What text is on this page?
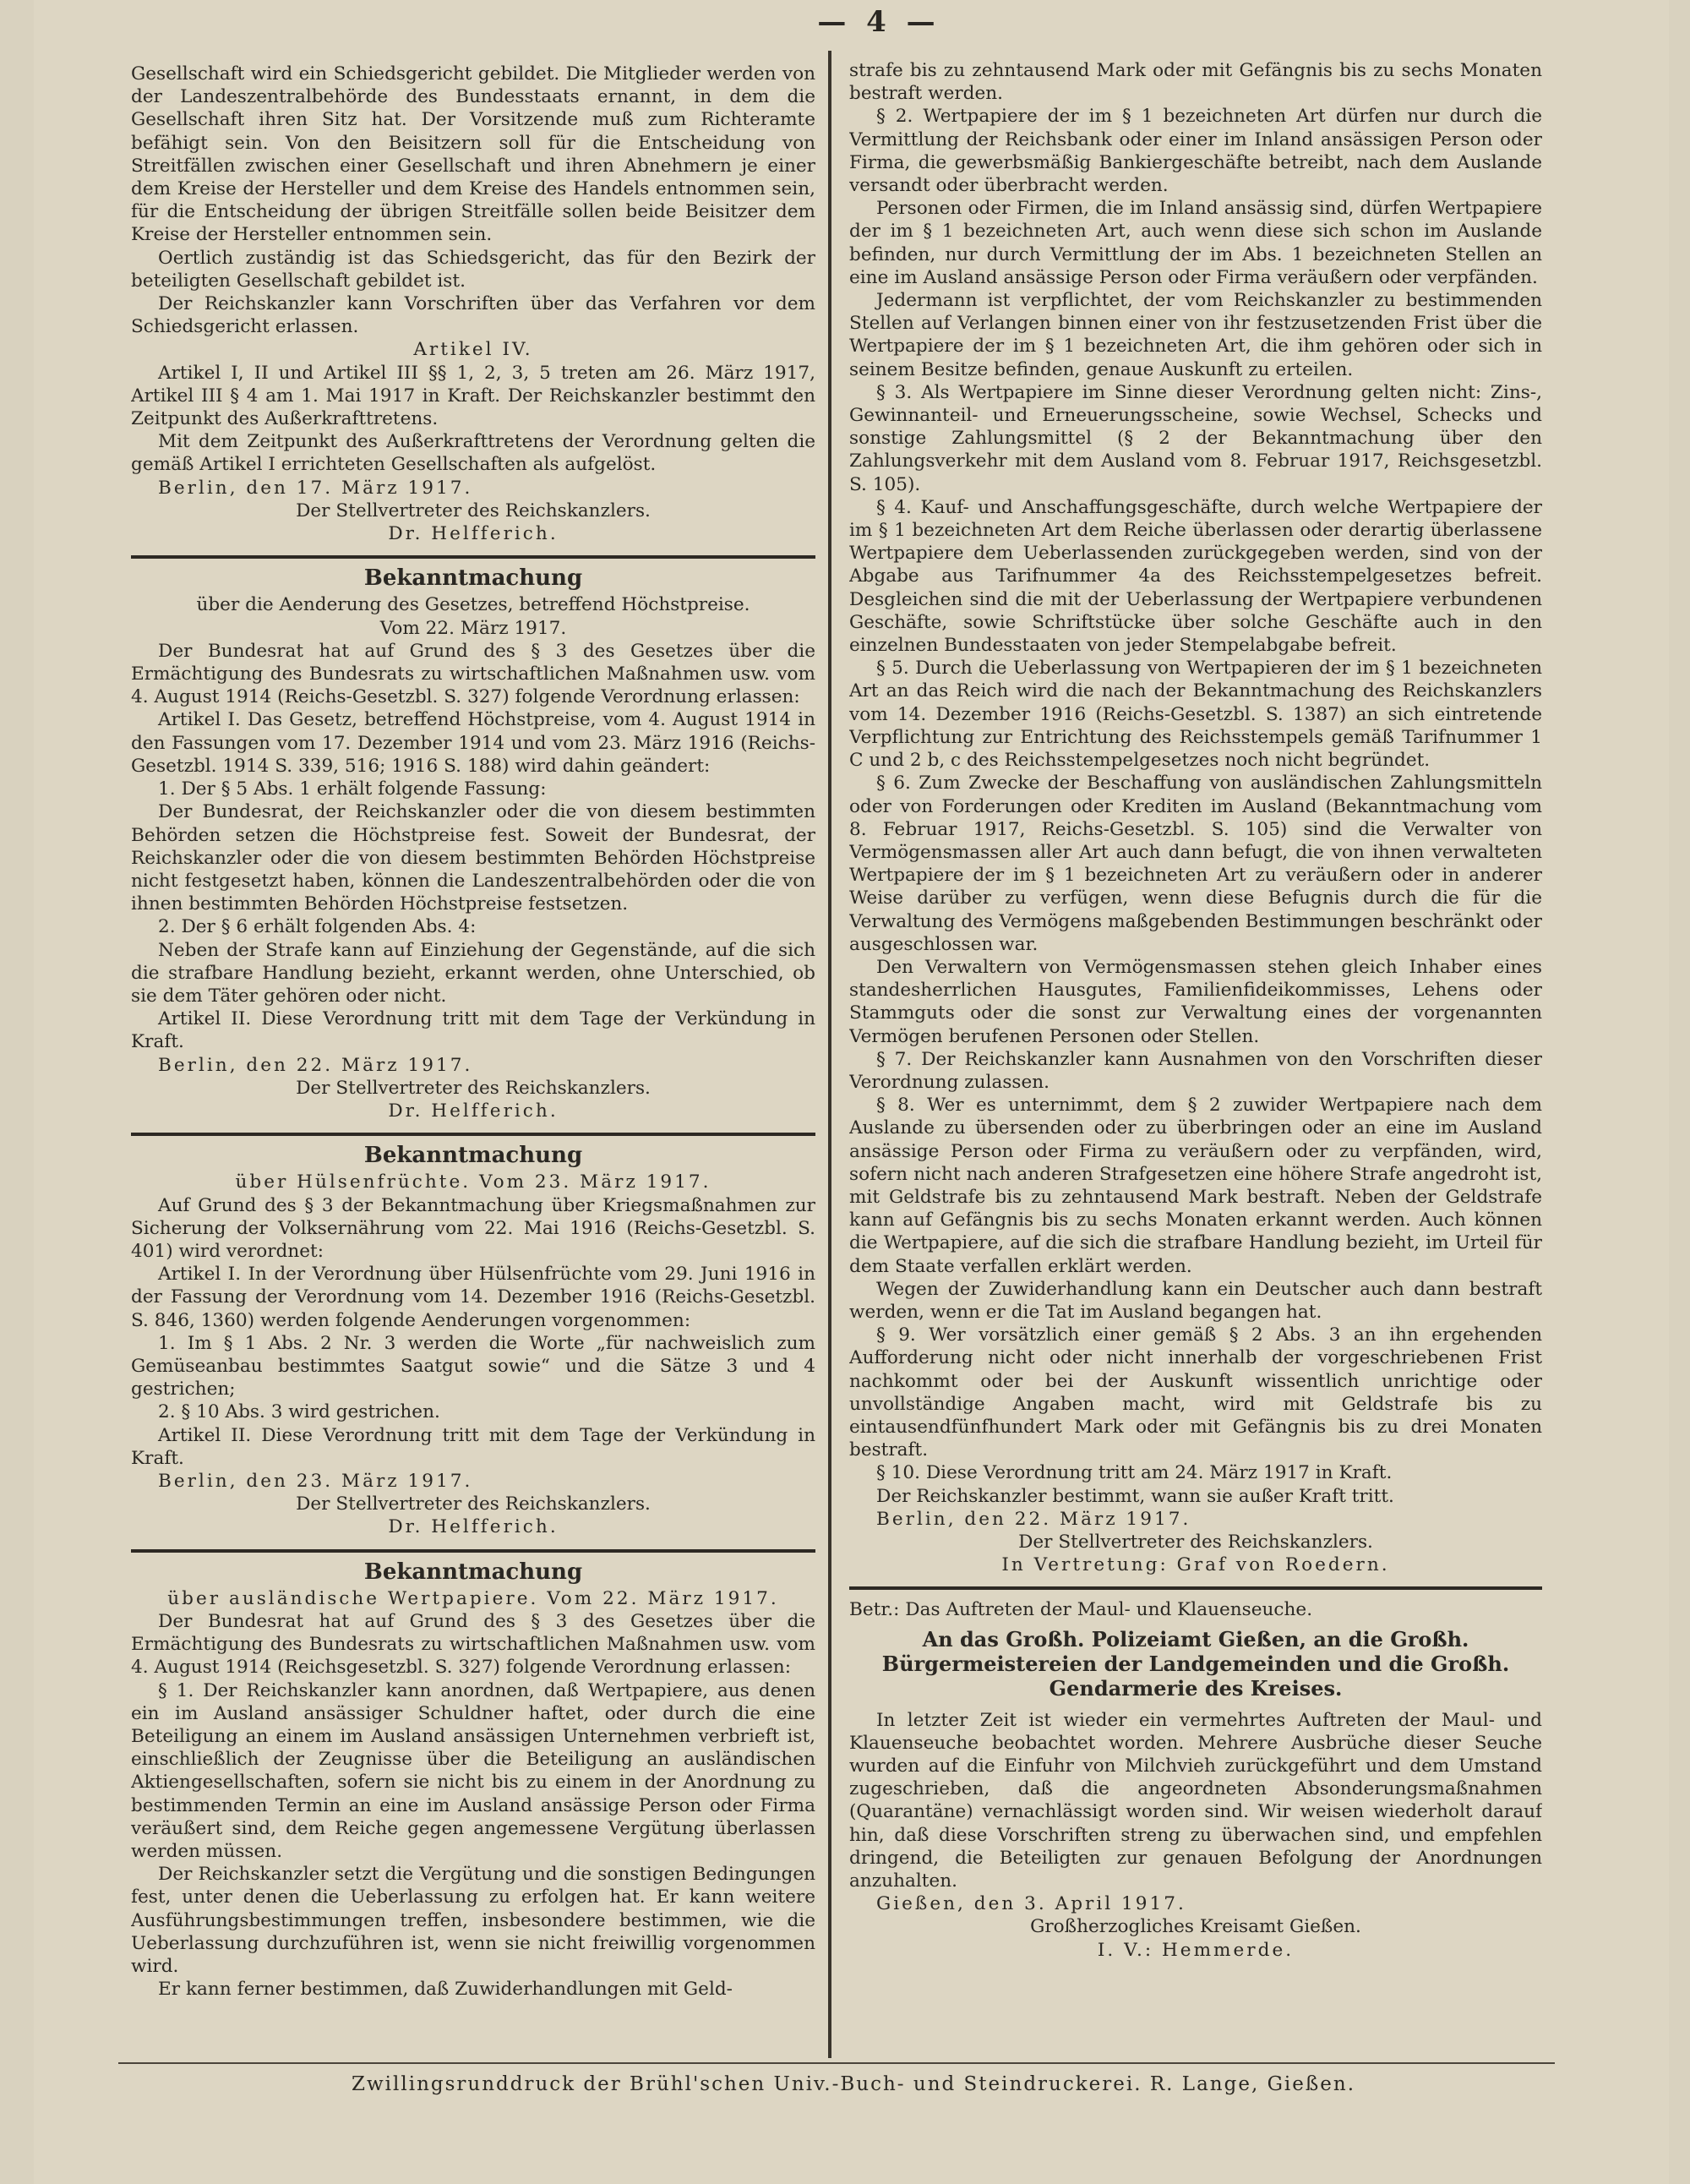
— 4 —

Gesellschaft wird ein Schiedsgericht gebildet. Die Mitglieder werden von der Landeszentralbehörde des Bundesstaats ernannt, in dem die Gesellschaft ihren Sitz hat. Der Vorsitzende muß zum Richteramte befähigt sein. Von den Beisitzern soll für die Entscheidung von Streitfällen zwischen einer Gesellschaft und ihren Abnehmern je einer dem Kreise der Hersteller und dem Kreise des Handels entnommen sein, für die Entscheidung der übrigen Streitfälle sollen beide Beisitzer dem Kreise der Hersteller entnommen sein.

Oertlich zuständig ist das Schiedsgericht, das für den Bezirk der beteiligten Gesellschaft gebildet ist.

Der Reichskanzler kann Vorschriften über das Verfahren vor dem Schiedsgericht erlassen.

Artikel IV.

Artikel I, II und Artikel III §§ 1, 2, 3, 5 treten am 26. März 1917, Artikel III § 4 am 1. Mai 1917 in Kraft. Der Reichskanzler bestimmt den Zeitpunkt des Außerkrafttretens.

Mit dem Zeitpunkt des Außerkrafttretens der Verordnung gelten die gemäß Artikel I errichteten Gesellschaften als aufgelöst.

Berlin, den 17. März 1917.

Der Stellvertreter des Reichskanzlers.
Dr. Helfferich.
Bekanntmachung
über die Aenderung des Gesetzes, betreffend Höchstpreise.
Vom 22. März 1917.

Der Bundesrat hat auf Grund des § 3 des Gesetzes über die Ermächtigung des Bundesrats zu wirtschaftlichen Maßnahmen usw. vom 4. August 1914 (Reichs-Gesetzbl. S. 327) folgende Verordnung erlassen:

Artikel I. Das Gesetz, betreffend Höchstpreise, vom 4. August 1914 in den Fassungen vom 17. Dezember 1914 und vom 23. März 1916 (Reichs-Gesetzbl. 1914 S. 339, 516; 1916 S. 188) wird dahin geändert:

1. Der § 5 Abs. 1 erhält folgende Fassung:

Der Bundesrat, der Reichskanzler oder die von diesem bestimmten Behörden setzen die Höchstpreise fest. Soweit der Bundesrat, der Reichskanzler oder die von diesem bestimmten Behörden Höchstpreise nicht festgesetzt haben, können die Landeszentralbehörden oder die von ihnen bestimmten Behörden Höchstpreise festsetzen.

2. Der § 6 erhält folgenden Abs. 4:

Neben der Strafe kann auf Einziehung der Gegenstände, auf die sich die strafbare Handlung bezieht, erkannt werden, ohne Unterschied, ob sie dem Täter gehören oder nicht.

Artikel II. Diese Verordnung tritt mit dem Tage der Verkündung in Kraft.

Berlin, den 22. März 1917.

Der Stellvertreter des Reichskanzlers.
Dr. Helfferich.
Bekanntmachung
über Hülsenfrüchte. Vom 23. März 1917.

Auf Grund des § 3 der Bekanntmachung über Kriegsmaßnahmen zur Sicherung der Volksernährung vom 22. Mai 1916 (Reichs-Gesetzbl. S. 401) wird verordnet:

Artikel I. In der Verordnung über Hülsenfrüchte vom 29. Juni 1916 in der Fassung der Verordnung vom 14. Dezember 1916 (Reichs-Gesetzbl. S. 846, 1360) werden folgende Aenderungen vorgenommen:

1. Im § 1 Abs. 2 Nr. 3 werden die Worte „für nachweislich zum Gemüseanbau bestimmtes Saatgut sowie“ und die Sätze 3 und 4 gestrichen;

2. § 10 Abs. 3 wird gestrichen.

Artikel II. Diese Verordnung tritt mit dem Tage der Verkündung in Kraft.

Berlin, den 23. März 1917.

Der Stellvertreter des Reichskanzlers.
Dr. Helfferich.
Bekanntmachung
über ausländische Wertpapiere. Vom 22. März 1917.

Der Bundesrat hat auf Grund des § 3 des Gesetzes über die Ermächtigung des Bundesrats zu wirtschaftlichen Maßnahmen usw. vom 4. August 1914 (Reichsgesetzbl. S. 327) folgende Verordnung erlassen:

§ 1. Der Reichskanzler kann anordnen, daß Wertpapiere, aus denen ein im Ausland ansässiger Schuldner haftet, oder durch die eine Beteiligung an einem im Ausland ansässigen Unternehmen verbrieft ist, einschließlich der Zeugnisse über die Beteiligung an ausländischen Aktiengesellschaften, sofern sie nicht bis zu einem in der Anordnung zu bestimmenden Termin an eine im Ausland ansässige Person oder Firma veräußert sind, dem Reiche gegen angemessene Vergütung überlassen werden müssen.

Der Reichskanzler setzt die Vergütung und die sonstigen Bedingungen fest, unter denen die Ueberlassung zu erfolgen hat. Er kann weitere Ausführungsbestimmungen treffen, insbesondere bestimmen, wie die Ueberlassung durchzuführen ist, wenn sie nicht freiwillig vorgenommen wird.

Er kann ferner bestimmen, daß Zuwiderhandlungen mit Geld-

strafe bis zu zehntausend Mark oder mit Gefängnis bis zu sechs Monaten bestraft werden.

§ 2. Wertpapiere der im § 1 bezeichneten Art dürfen nur durch die Vermittlung der Reichsbank oder einer im Inland ansässigen Person oder Firma, die gewerbsmäßig Bankiergeschäfte betreibt, nach dem Auslande versandt oder überbracht werden.

Personen oder Firmen, die im Inland ansässig sind, dürfen Wertpapiere der im § 1 bezeichneten Art, auch wenn diese sich schon im Auslande befinden, nur durch Vermittlung der im Abs. 1 bezeichneten Stellen an eine im Ausland ansässige Person oder Firma veräußern oder verpfänden.

Jedermann ist verpflichtet, der vom Reichskanzler zu bestimmenden Stellen auf Verlangen binnen einer von ihr festzusetzenden Frist über die Wertpapiere der im § 1 bezeichneten Art, die ihm gehören oder sich in seinem Besitze befinden, genaue Auskunft zu erteilen.

§ 3. Als Wertpapiere im Sinne dieser Verordnung gelten nicht: Zins-, Gewinnanteil- und Erneuerungsscheine, sowie Wechsel, Schecks und sonstige Zahlungsmittel (§ 2 der Bekanntmachung über den Zahlungsverkehr mit dem Ausland vom 8. Februar 1917, Reichsgesetzbl. S. 105).

§ 4. Kauf- und Anschaffungsgeschäfte, durch welche Wertpapiere der im § 1 bezeichneten Art dem Reiche überlassen oder derartig überlassene Wertpapiere dem Ueberlassenden zurückgegeben werden, sind von der Abgabe aus Tarifnummer 4a des Reichsstempelgesetzes befreit. Desgleichen sind die mit der Ueberlassung der Wertpapiere verbundenen Geschäfte, sowie Schriftstücke über solche Geschäfte auch in den einzelnen Bundesstaaten von jeder Stempelabgabe befreit.

§ 5. Durch die Ueberlassung von Wertpapieren der im § 1 bezeichneten Art an das Reich wird die nach der Bekanntmachung des Reichskanzlers vom 14. Dezember 1916 (Reichs-Gesetzbl. S. 1387) an sich eintretende Verpflichtung zur Entrichtung des Reichsstempels gemäß Tarifnummer 1 C und 2 b, c des Reichsstempelgesetzes noch nicht begründet.

§ 6. Zum Zwecke der Beschaffung von ausländischen Zahlungsmitteln oder von Forderungen oder Krediten im Ausland (Bekanntmachung vom 8. Februar 1917, Reichs-Gesetzbl. S. 105) sind die Verwalter von Vermögensmassen aller Art auch dann befugt, die von ihnen verwalteten Wertpapiere der im § 1 bezeichneten Art zu veräußern oder in anderer Weise darüber zu verfügen, wenn diese Befugnis durch die für die Verwaltung des Vermögens maßgebenden Bestimmungen beschränkt oder ausgeschlossen war.

Den Verwaltern von Vermögensmassen stehen gleich Inhaber eines standesherrlichen Hausgutes, Familienfideikommisses, Lehens oder Stammguts oder die sonst zur Verwaltung eines der vorgenannten Vermögen berufenen Personen oder Stellen.

§ 7. Der Reichskanzler kann Ausnahmen von den Vorschriften dieser Verordnung zulassen.

§ 8. Wer es unternimmt, dem § 2 zuwider Wertpapiere nach dem Auslande zu übersenden oder zu überbringen oder an eine im Ausland ansässige Person oder Firma zu veräußern oder zu verpfänden, wird, sofern nicht nach anderen Strafgesetzen eine höhere Strafe angedroht ist, mit Geldstrafe bis zu zehntausend Mark bestraft. Neben der Geldstrafe kann auf Gefängnis bis zu sechs Monaten erkannt werden. Auch können die Wertpapiere, auf die sich die strafbare Handlung bezieht, im Urteil für dem Staate verfallen erklärt werden.

Wegen der Zuwiderhandlung kann ein Deutscher auch dann bestraft werden, wenn er die Tat im Ausland begangen hat.

§ 9. Wer vorsätzlich einer gemäß § 2 Abs. 3 an ihn ergehenden Aufforderung nicht oder nicht innerhalb der vorgeschriebenen Frist nachkommt oder bei der Auskunft wissentlich unrichtige oder unvollständige Angaben macht, wird mit Geldstrafe bis zu eintausendfünfhundert Mark oder mit Gefängnis bis zu drei Monaten bestraft.

§ 10. Diese Verordnung tritt am 24. März 1917 in Kraft.

Der Reichskanzler bestimmt, wann sie außer Kraft tritt.

Berlin, den 22. März 1917.

Der Stellvertreter des Reichskanzlers.
In Vertretung: Graf von Roedern.

Betr.: Das Auftreten der Maul- und Klauenseuche.

An das Großh. Polizeiamt Gießen, an die Großh. Bürgermeistereien der Landgemeinden und die Großh. Gendarmerie des Kreises.

In letzter Zeit ist wieder ein vermehrtes Auftreten der Maul- und Klauenseuche beobachtet worden. Mehrere Ausbrüche dieser Seuche wurden auf die Einfuhr von Milchvieh zurückgeführt und dem Umstand zugeschrieben, daß die angeordneten Absonderungsmaßnahmen (Quarantäne) vernachlässigt worden sind. Wir weisen wiederholt darauf hin, daß diese Vorschriften streng zu überwachen sind, und empfehlen dringend, die Beteiligten zur genauen Befolgung der Anordnungen anzuhalten.

Gießen, den 3. April 1917.

Großherzogliches Kreisamt Gießen.
I. V.: Hemmerde.
Zwillingsrunddruck der Brühl'schen Univ.-Buch- und Steindruckerei. R. Lange, Gießen.
